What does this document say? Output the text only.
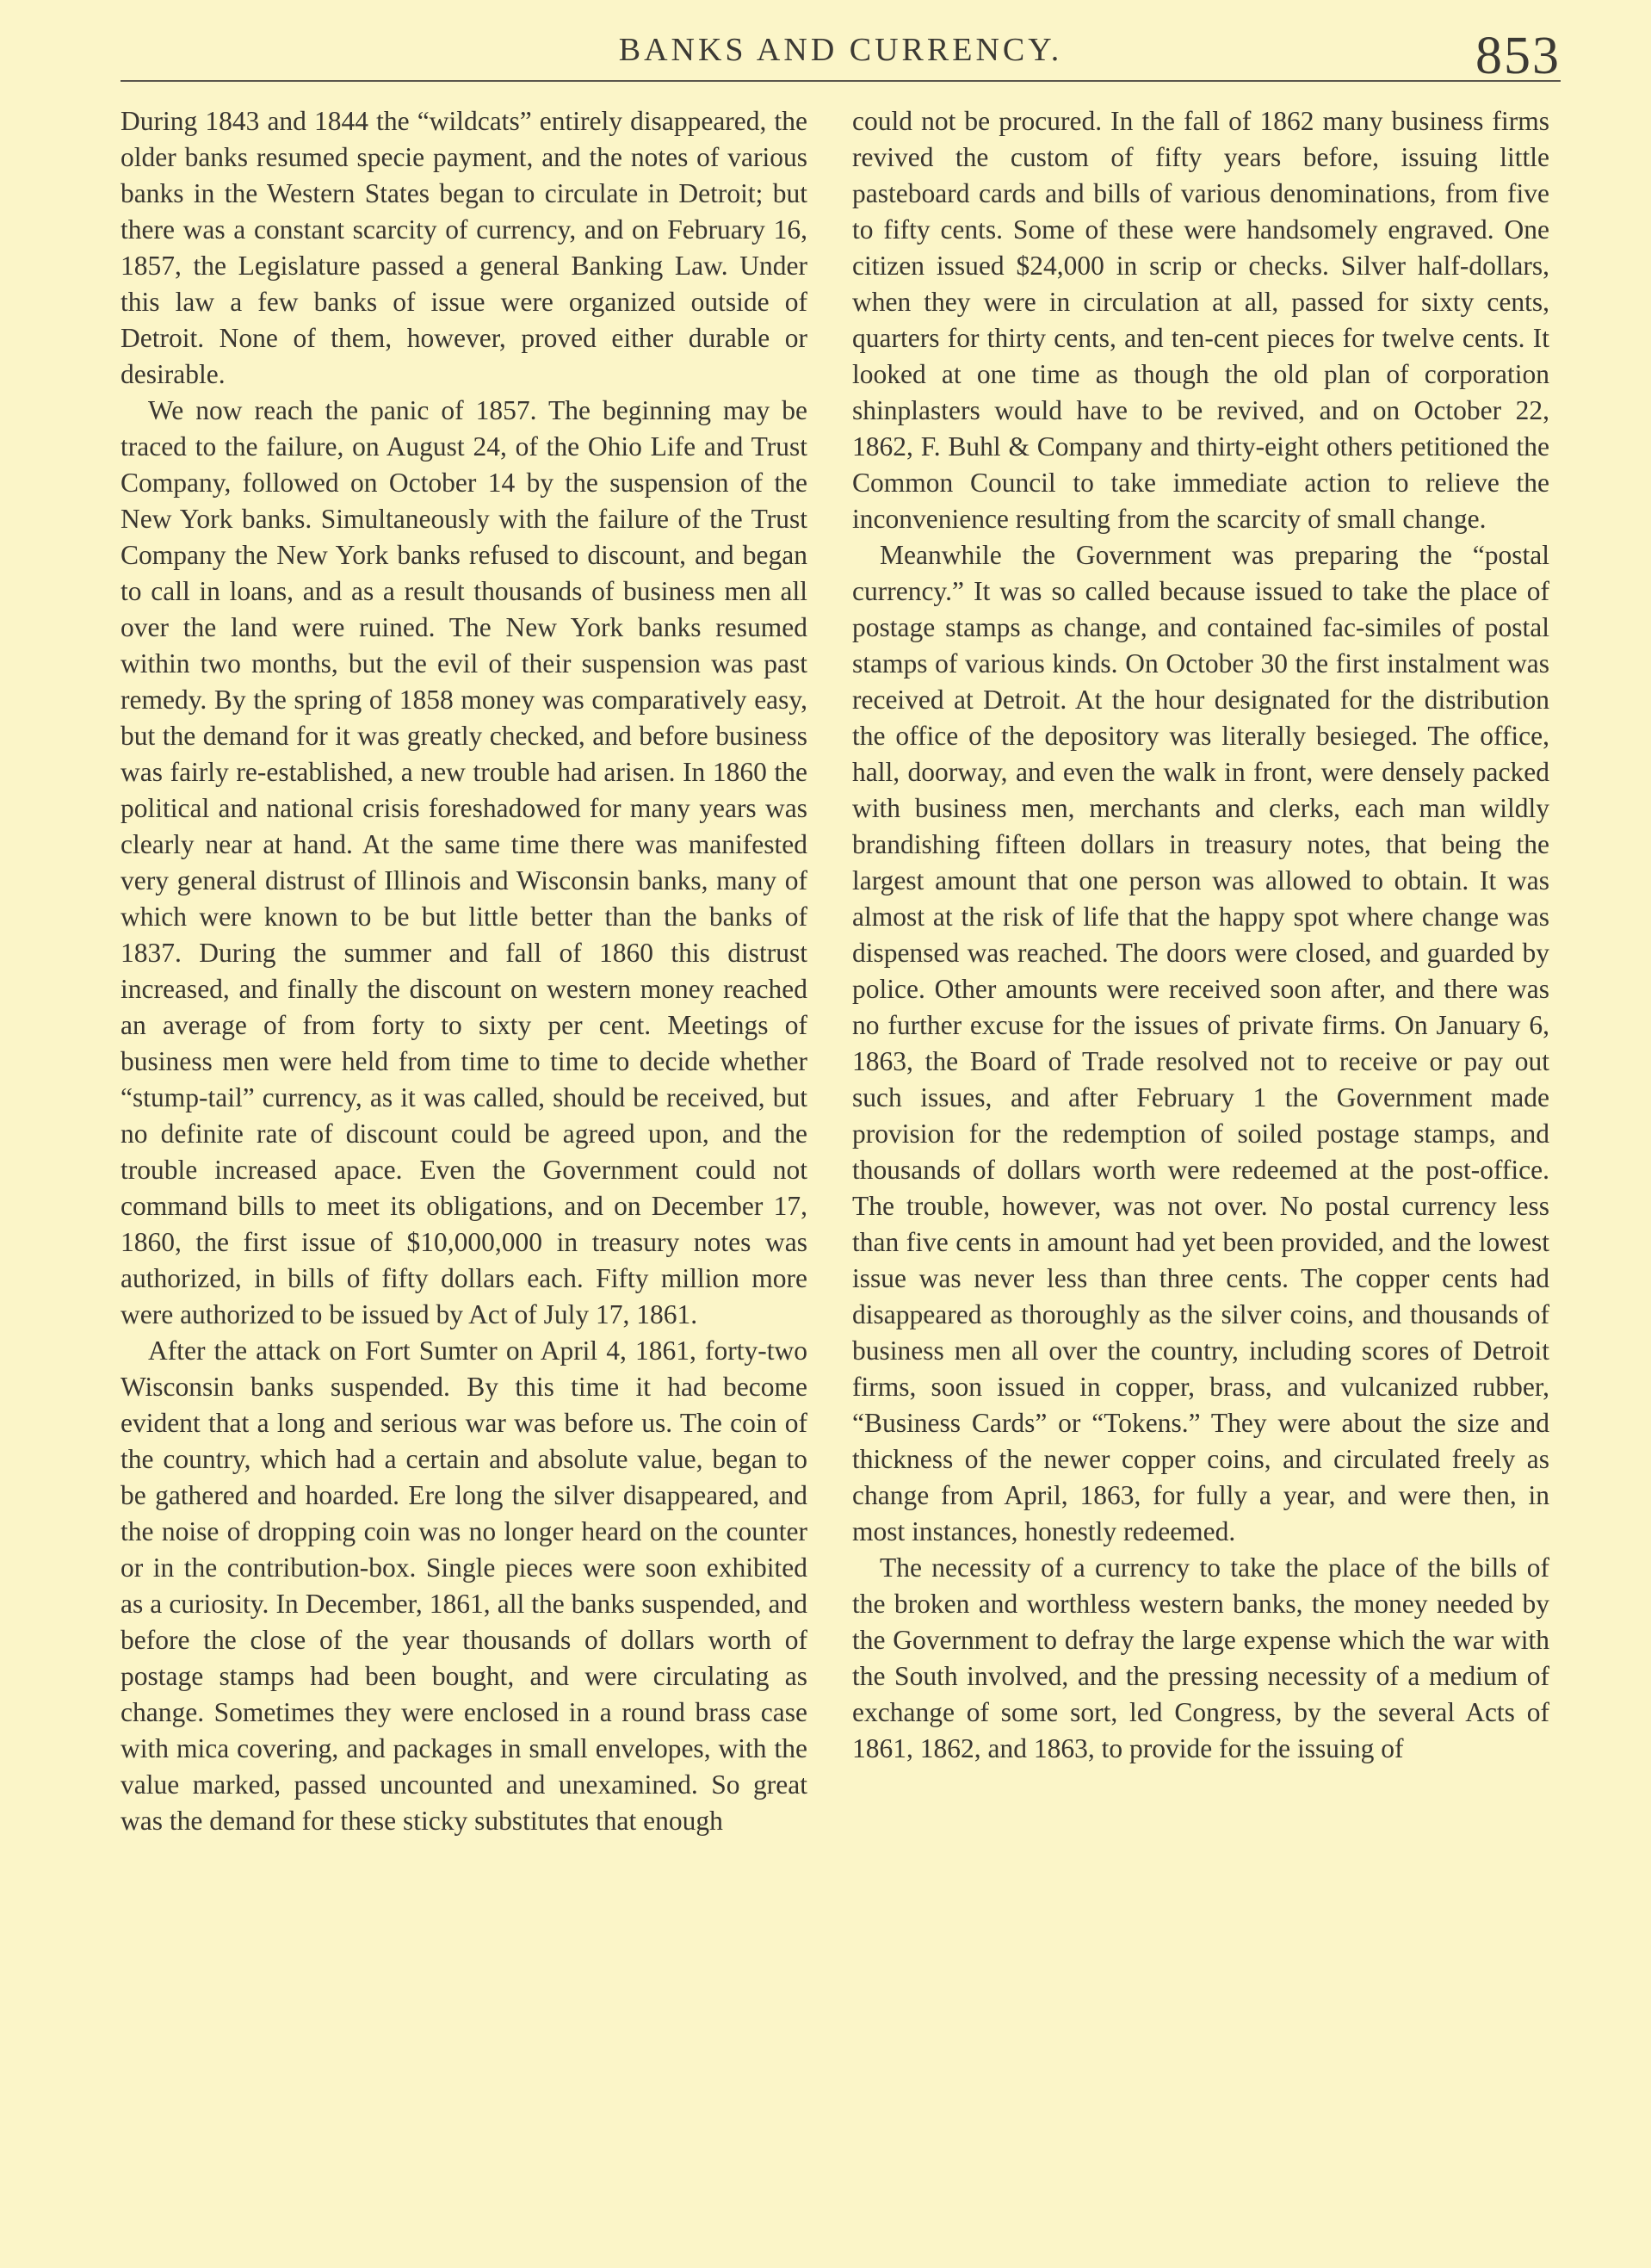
BANKS AND CURRENCY.	853

During 1843 and 1844 the “wildcats” entirely disappeared, the older banks resumed specie payment, and the notes of various banks in the Western States began to circulate in Detroit; but there was a constant scarcity of currency, and on February 16, 1857, the Legislature passed a general Banking Law. Under this law a few banks of issue were organized outside of Detroit. None of them, however, proved either durable or desirable.

We now reach the panic of 1857. The beginning may be traced to the failure, on August 24, of the Ohio Life and Trust Company, followed on October 14 by the suspension of the New York banks. Simultaneously with the failure of the Trust Company the New York banks refused to discount, and began to call in loans, and as a result thousands of business men all over the land were ruined. The New York banks resumed within two months, but the evil of their suspension was past remedy. By the spring of 1858 money was comparatively easy, but the demand for it was greatly checked, and before business was fairly re-established, a new trouble had arisen. In 1860 the political and national crisis foreshadowed for many years was clearly near at hand. At the same time there was manifested very general distrust of Illinois and Wisconsin banks, many of which were known to be but little better than the banks of 1837. During the summer and fall of 1860 this distrust increased, and finally the discount on western money reached an average of from forty to sixty per cent. Meetings of business men were held from time to time to decide whether “stump-tail” currency, as it was called, should be received, but no definite rate of discount could be agreed upon, and the trouble increased apace. Even the Government could not command bills to meet its obligations, and on December 17, 1860, the first issue of $10,000,000 in treasury notes was authorized, in bills of fifty dollars each. Fifty million more were authorized to be issued by Act of July 17, 1861.

After the attack on Fort Sumter on April 4, 1861, forty-two Wisconsin banks suspended. By this time it had become evident that a long and serious war was before us. The coin of the country, which had a certain and absolute value, began to be gathered and hoarded. Ere long the silver disappeared, and the noise of dropping coin was no longer heard on the counter or in the contribution-box. Single pieces were soon exhibited as a curiosity. In December, 1861, all the banks suspended, and before the close of the year thousands of dollars worth of postage stamps had been bought, and were circulating as change. Sometimes they were enclosed in a round brass case with mica covering, and packages in small envelopes, with the value marked, passed uncounted and unexamined. So great was the demand for these sticky substitutes that enough

could not be procured. In the fall of 1862 many business firms revived the custom of fifty years before, issuing little pasteboard cards and bills of various denominations, from five to fifty cents. Some of these were handsomely engraved. One citizen issued $24,000 in scrip or checks. Silver half-dollars, when they were in circulation at all, passed for sixty cents, quarters for thirty cents, and ten-cent pieces for twelve cents. It looked at one time as though the old plan of corporation shinplasters would have to be revived, and on October 22, 1862, F. Buhl & Company and thirty-eight others petitioned the Common Council to take immediate action to relieve the inconvenience resulting from the scarcity of small change.

Meanwhile the Government was preparing the “postal currency.” It was so called because issued to take the place of postage stamps as change, and contained fac-similes of postal stamps of various kinds. On October 30 the first instalment was received at Detroit. At the hour designated for the distribution the office of the depository was literally besieged. The office, hall, doorway, and even the walk in front, were densely packed with business men, merchants and clerks, each man wildly brandishing fifteen dollars in treasury notes, that being the largest amount that one person was allowed to obtain. It was almost at the risk of life that the happy spot where change was dispensed was reached. The doors were closed, and guarded by police. Other amounts were received soon after, and there was no further excuse for the issues of private firms. On January 6, 1863, the Board of Trade resolved not to receive or pay out such issues, and after February 1 the Government made provision for the redemption of soiled postage stamps, and thousands of dollars worth were redeemed at the post-office. The trouble, however, was not over. No postal currency less than five cents in amount had yet been provided, and the lowest issue was never less than three cents. The copper cents had disappeared as thoroughly as the silver coins, and thousands of business men all over the country, including scores of Detroit firms, soon issued in copper, brass, and vulcanized rubber, “Business Cards” or “Tokens.” They were about the size and thickness of the newer copper coins, and circulated freely as change from April, 1863, for fully a year, and were then, in most instances, honestly redeemed.

The necessity of a currency to take the place of the bills of the broken and worthless western banks, the money needed by the Government to defray the large expense which the war with the South involved, and the pressing necessity of a medium of exchange of some sort, led Congress, by the several Acts of 1861, 1862, and 1863, to provide for the issuing of
